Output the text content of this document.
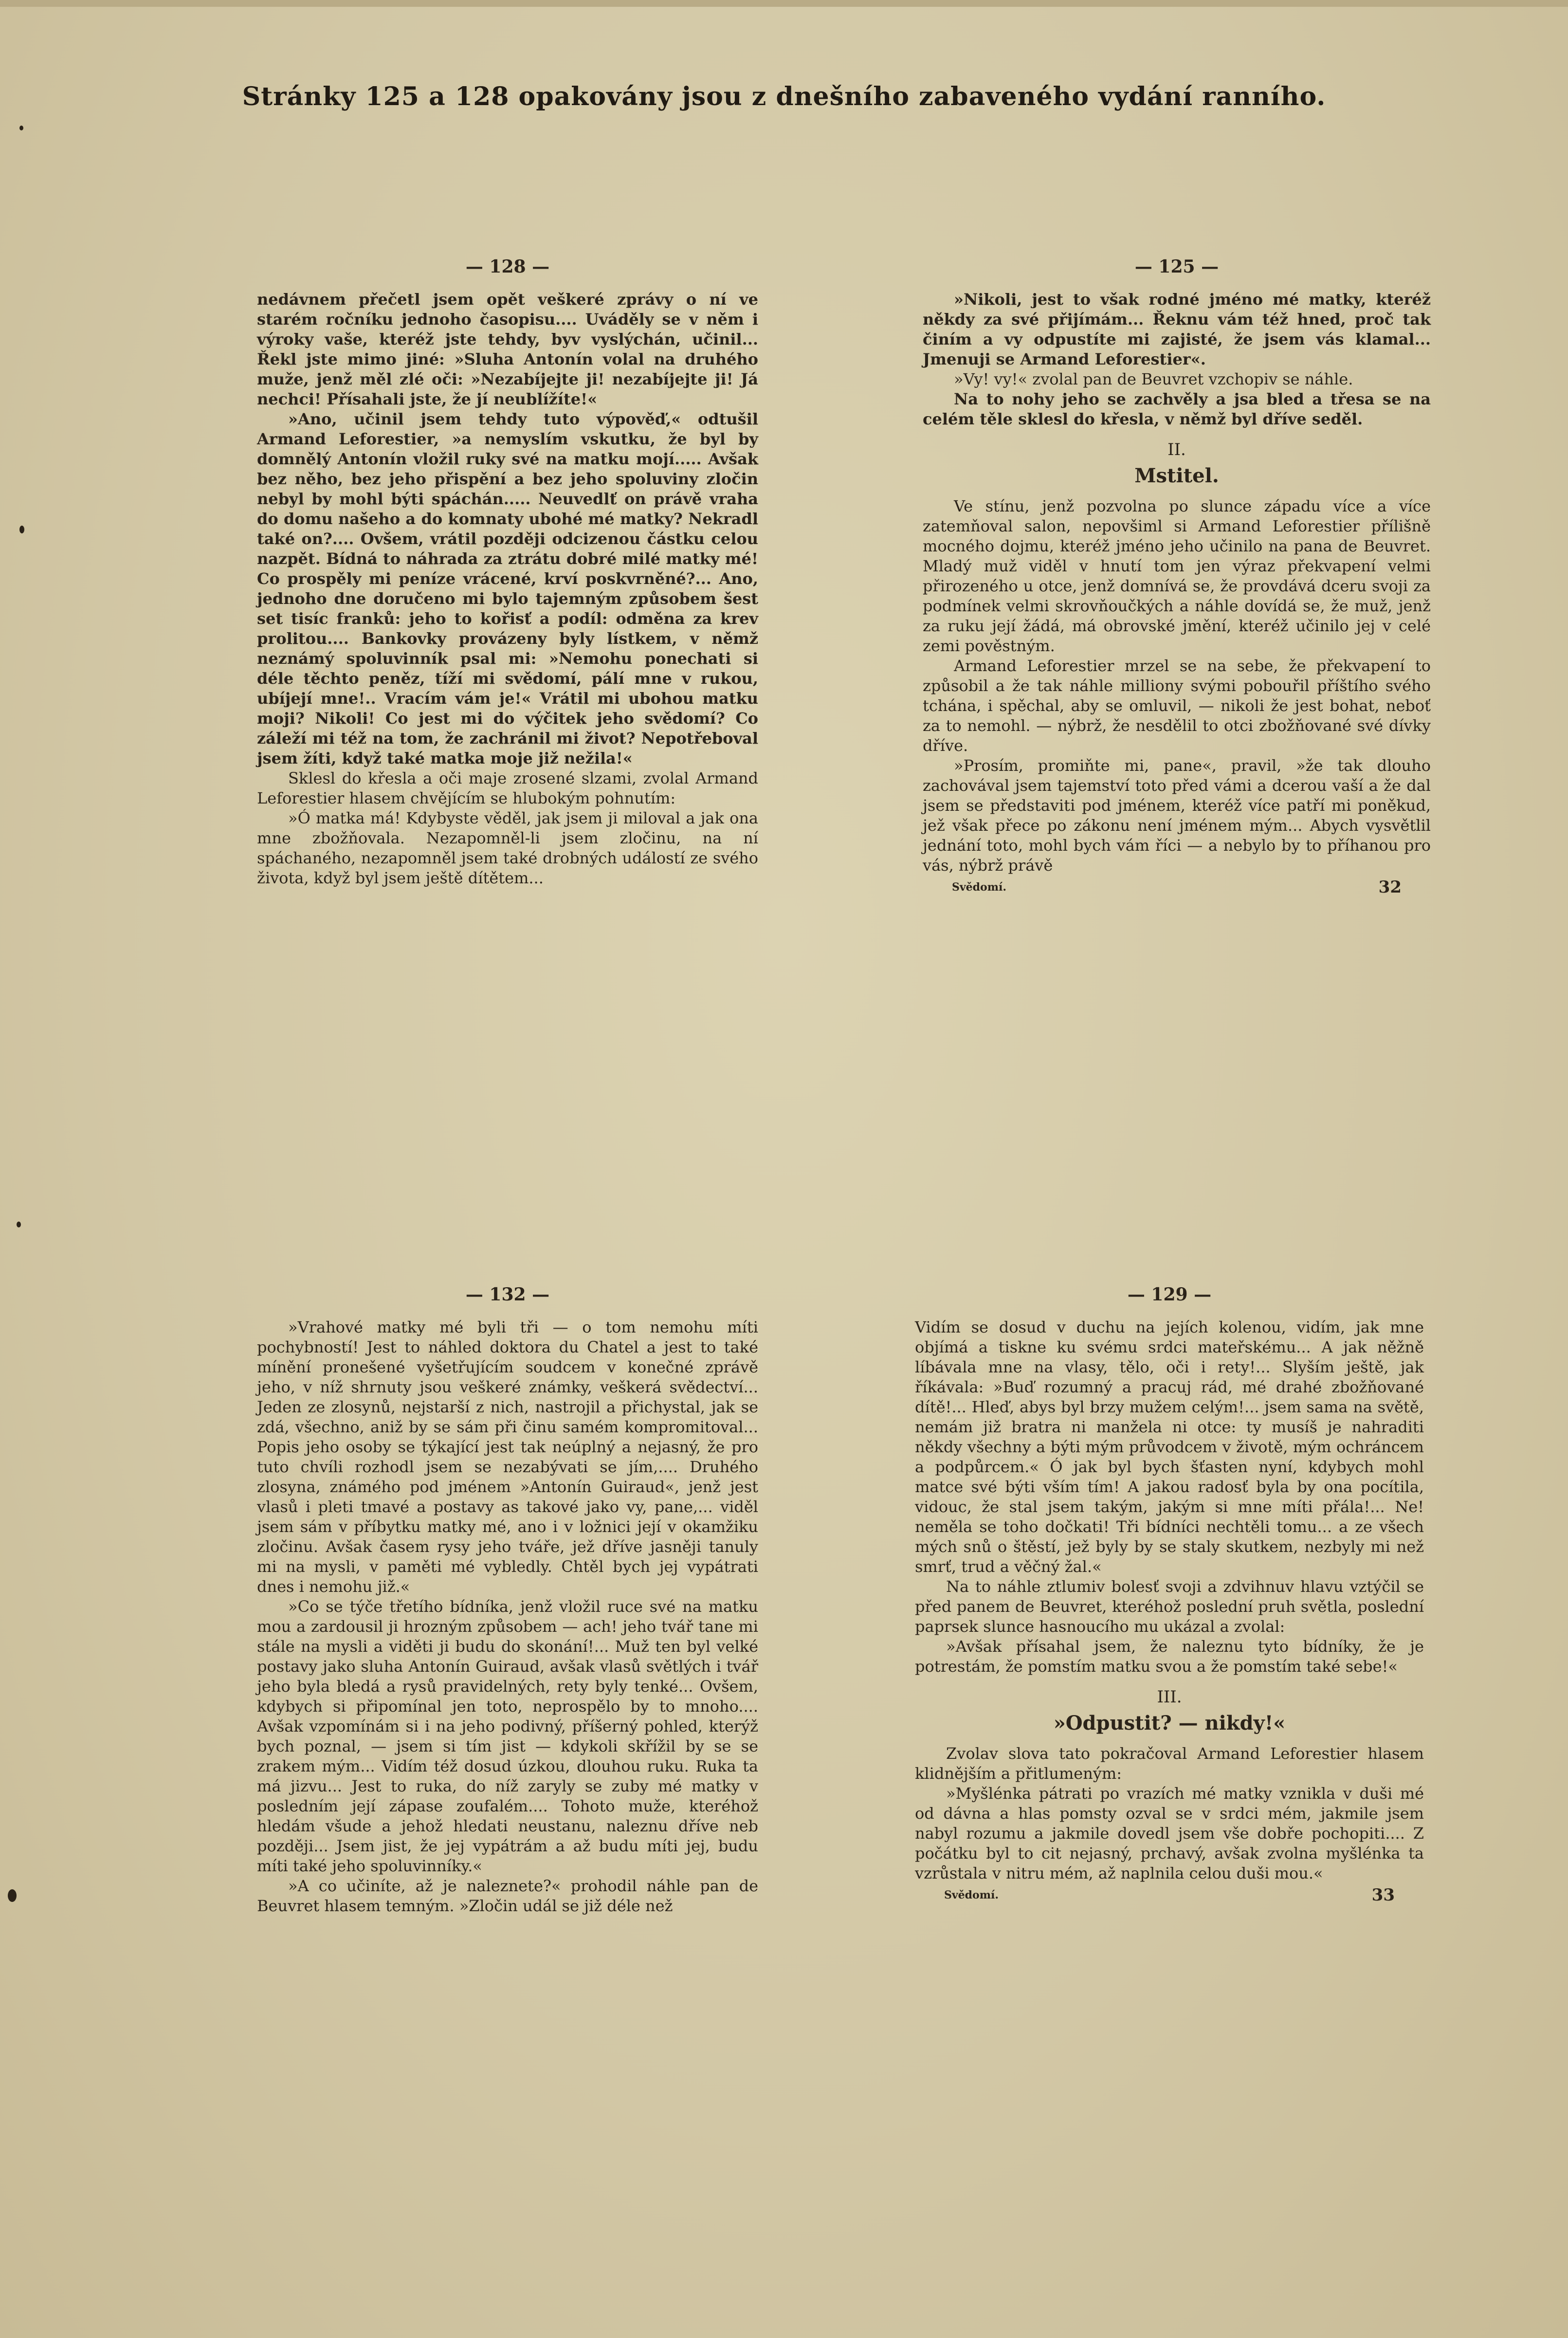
Stránky 125 a 128 opakovány jsou z dnešního zabaveného vydání ranního.
— 128 —

nedávnem přečetl jsem opět veškeré zprávy o ní ve starém ročníku jednoho časopisu.... Uváděly se v něm i výroky vaše, kteréž jste tehdy, byv vyslýchán, učinil... Řekl jste mimo jiné: »Sluha Antonín volal na druhého muže, jenž měl zlé oči: »Nezabíjejte ji! nezabíjejte ji! Já nechci! Přísahali jste, že jí neublížíte!«

»Ano, učinil jsem tehdy tuto výpověď,« odtušil Armand Leforestier, »a nemyslím vskutku, že byl by domnělý Antonín vložil ruky své na matku mojí..... Avšak bez něho, bez jeho přispění a bez jeho spoluviny zločin nebyl by mohl býti spáchán..... Neuvedlť on právě vraha do domu našeho a do komnaty ubohé mé matky? Nekradl také on?.... Ovšem, vrátil později odcizenou částku celou nazpět. Bídná to náhrada za ztrátu dobré milé matky mé! Co prospěly mi peníze vrácené, krví poskvrněné?... Ano, jednoho dne doručeno mi bylo tajemným způsobem šest set tisíc franků: jeho to kořisť a podíl: odměna za krev prolitou.... Bankovky provázeny byly lístkem, v němž neznámý spoluvinník psal mi: »Nemohu ponechati si déle těchto peněz, tíží mi svědomí, pálí mne v rukou, ubíjejí mne!.. Vracím vám je!« Vrátil mi ubohou matku moji? Nikoli! Co jest mi do výčitek jeho svědomí? Co záleží mi též na tom, že zachránil mi život? Nepotřeboval jsem žíti, když také matka moje již nežila!«

Sklesl do křesla a oči maje zrosené slzami, zvolal Armand Leforestier hlasem chvějícím se hlubokým pohnutím:

»Ó matka má! Kdybyste věděl, jak jsem ji miloval a jak ona mne zbožňovala. Nezapomněl-li jsem zločinu, na ní spáchaného, nezapomněl jsem také drobných událostí ze svého života, když byl jsem ještě dítětem...

— 125 —

»Nikoli, jest to však rodné jméno mé matky, kteréž někdy za své přijímám... Řeknu vám též hned, proč tak činím a vy odpustíte mi zajisté, že jsem vás klamal... Jmenuji se Armand Leforestier«.

»Vy! vy!« zvolal pan de Beuvret vzchopiv se náhle.

Na to nohy jeho se zachvěly a jsa bled a třesa se na celém těle sklesl do křesla, v němž byl dříve seděl.

II.
Mstitel.

Ve stínu, jenž pozvolna po slunce západu více a více zatemňoval salon, nepovšiml si Armand Leforestier přílišně mocného dojmu, kteréž jméno jeho učinilo na pana de Beuvret. Mladý muž viděl v hnutí tom jen výraz překvapení velmi přirozeného u otce, jenž domnívá se, že provdává dceru svoji za podmínek velmi skrovňoučkých a náhle dovídá se, že muž, jenž za ruku její žádá, má obrovské jmění, kteréž učinilo jej v celé zemi pověstným.

Armand Leforestier mrzel se na sebe, že překvapení to způsobil a že tak náhle milliony svými pobouřil příštího svého tchána, i spěchal, aby se omluvil, — nikoli že jest bohat, neboť za to nemohl. — nýbrž, že nesdělil to otci zbožňované své dívky dříve.

»Prosím, promiňte mi, pane«, pravil, »že tak dlouho zachovával jsem tajemství toto před vámi a dcerou vaší a že dal jsem se představiti pod jménem, kteréž více patří mi poněkud, jež však přece po zákonu není jménem mým... Abych vysvětlil jednání toto, mohl bych vám říci — a nebylo by to příhanou pro vás, nýbrž právě

Svědomí.	32
— 132 —

»Vrahové matky mé byli tři — o tom nemohu míti pochybností! Jest to náhled doktora du Chatel a jest to také mínění pronešené vyšetřujícím soudcem v konečné zprávě jeho, v níž shrnuty jsou veškeré známky, veškerá svědectví... Jeden ze zlosynů, nejstarší z nich, nastrojil a přichystal, jak se zdá, všechno, aniž by se sám při činu samém kompromitoval... Popis jeho osoby se týkající jest tak neúplný a nejasný, že pro tuto chvíli rozhodl jsem se nezabývati se jím,.... Druhého zlosyna, známého pod jménem »Antonín Guiraud«, jenž jest vlasů i pleti tmavé a postavy as takové jako vy, pane,... viděl jsem sám v příbytku matky mé, ano i v ložnici její v okamžiku zločinu. Avšak časem rysy jeho tváře, jež dříve jasněji tanuly mi na mysli, v paměti mé vybledly. Chtěl bych jej vypátrati dnes i nemohu již.«

»Co se týče třetího bídníka, jenž vložil ruce své na matku mou a zardousil ji hrozným způsobem — ach! jeho tvář tane mi stále na mysli a viděti ji budu do skonání!... Muž ten byl velké postavy jako sluha Antonín Guiraud, avšak vlasů světlých i tvář jeho byla bledá a rysů pravidelných, rety byly tenké... Ovšem, kdybych si připomínal jen toto, neprospělo by to mnoho.... Avšak vzpomínám si i na jeho podivný, příšerný pohled, kterýž bych poznal, — jsem si tím jist — kdykoli skřížil by se se zrakem mým... Vidím též dosud úzkou, dlouhou ruku. Ruka ta má jizvu... Jest to ruka, do níž zaryly se zuby mé matky v posledním její zápase zoufalém.... Tohoto muže, kteréhož hledám všude a jehož hledati neustanu, naleznu dříve neb později... Jsem jist, že jej vypátrám a až budu míti jej, budu míti také jeho spoluvinníky.«

»A co učiníte, až je naleznete?« prohodil náhle pan de Beuvret hlasem temným. »Zločin udál se již déle než

— 129 —

Vidím se dosud v duchu na jejích kolenou, vidím, jak mne objímá a tiskne ku svému srdci mateřskému... A jak něžně líbávala mne na vlasy, tělo, oči i rety!... Slyším ještě, jak říkávala: »Buď rozumný a pracuj rád, mé drahé zbožňované dítě!... Hleď, abys byl brzy mužem celým!... jsem sama na světě, nemám již bratra ni manžela ni otce: ty musíš je nahraditi někdy všechny a býti mým průvodcem v životě, mým ochráncem a podpůrcem.« Ó jak byl bych šťasten nyní, kdybych mohl matce své býti vším tím! A jakou radosť byla by ona pocítila, vidouc, že stal jsem takým, jakým si mne míti přála!... Ne! neměla se toho dočkati! Tři bídníci nechtěli tomu... a ze všech mých snů o štěstí, jež byly by se staly skutkem, nezbyly mi než smrť, trud a věčný žal.«

Na to náhle ztlumiv bolesť svoji a zdvihnuv hlavu vztýčil se před panem de Beuvret, kteréhož poslední pruh světla, poslední paprsek slunce hasnoucího mu ukázal a zvolal:

»Avšak přísahal jsem, že naleznu tyto bídníky, že je potrestám, že pomstím matku svou a že pomstím také sebe!«

III.
»Odpustit? — nikdy!«

Zvolav slova tato pokračoval Armand Leforestier hlasem klidnějším a přitlumeným:

»Myšlénka pátrati po vrazích mé matky vznikla v duši mé od dávna a hlas pomsty ozval se v srdci mém, jakmile jsem nabyl rozumu a jakmile dovedl jsem vše dobře pochopiti.... Z počátku byl to cit nejasný, prchavý, avšak zvolna myšlénka ta vzrůstala v nitru mém, až naplnila celou duši mou.«

Svědomí.	33
